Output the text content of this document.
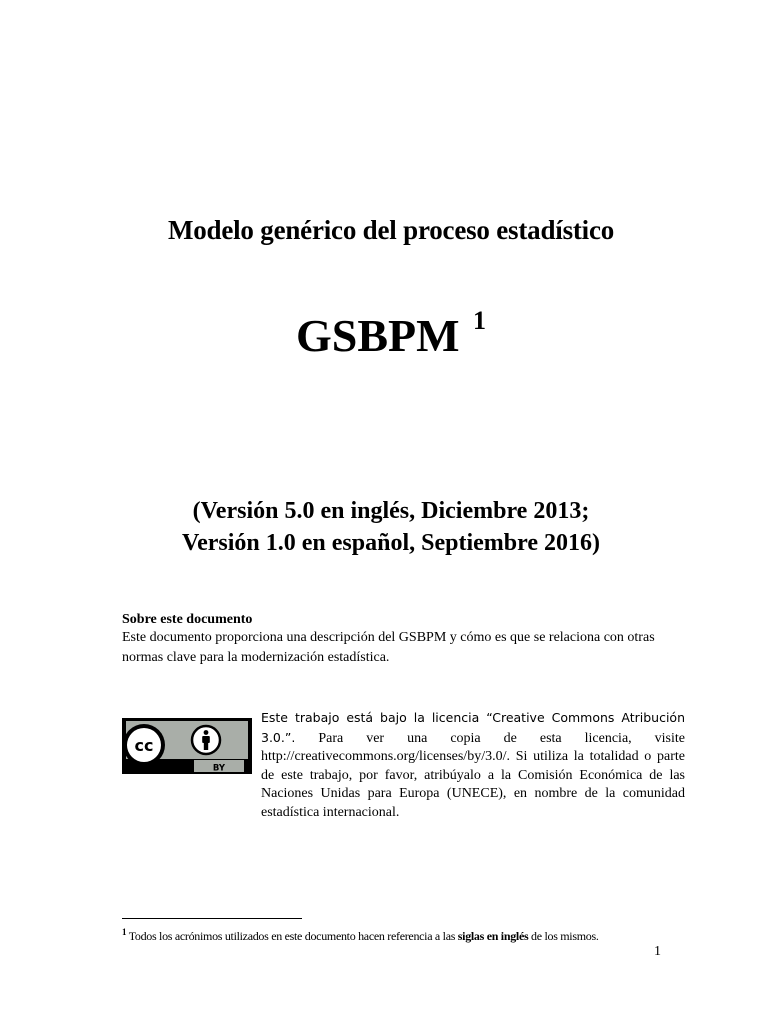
Modelo genérico del proceso estadístico
GSBPM $^1$
(Versión 5.0 en inglés, Diciembre 2013;
Versión 1.0 en español, Septiembre 2016)
Sobre este documento
Este documento proporciona una descripción del GSBPM y cómo es que se relaciona con otras normas clave para la modernización estadística.
cc
BY
Este trabajo está bajo la licencia “Creative Commons Atribución 3.0.”. Para ver una copia de esta licencia, visite http://creativecommons.org/licenses/by/3.0/. Si utiliza la totalidad o parte de este trabajo, por favor, atribúyalo a la Comisión Económica de las Naciones Unidas para Europa (UNECE), en nombre de la comunidad estadística internacional.
$^1$ Todos los acrónimos utilizados en este documento hacen referencia a las siglas en inglés de los mismos.
1
